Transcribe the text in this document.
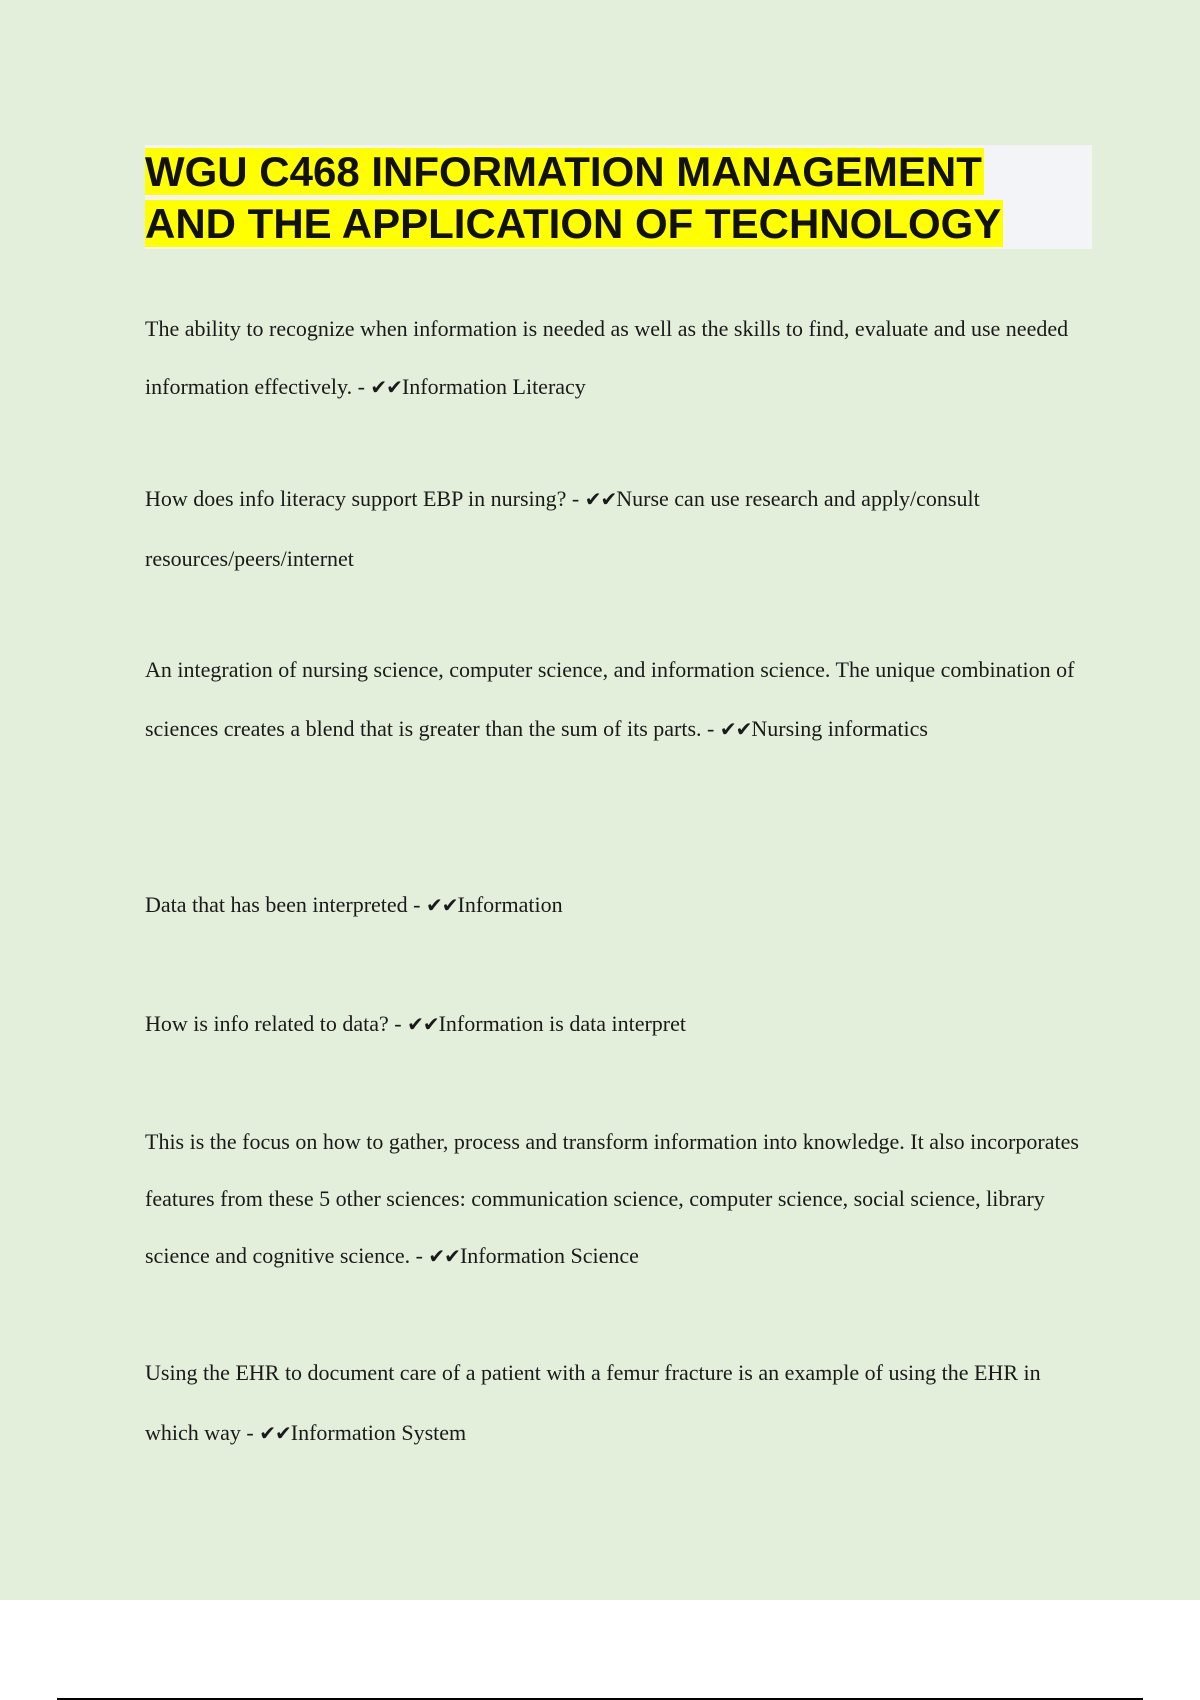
WGU C468 INFORMATION MANAGEMENT
AND THE APPLICATION OF TECHNOLOGY

The ability to recognize when information is needed as well as the skills to find, evaluate and use needed information effectively. - ✔✔Information Literacy

How does info literacy support EBP in nursing? - ✔✔Nurse can use research and apply/consult resources/peers/internet

An integration of nursing science, computer science, and information science. The unique combination of sciences creates a blend that is greater than the sum of its parts. - ✔✔Nursing informatics

Data that has been interpreted - ✔✔Information

How is info related to data? - ✔✔Information is data interpret

This is the focus on how to gather, process and transform information into knowledge. It also incorporates features from these 5 other sciences: communication science, computer science, social science, library science and cognitive science. - ✔✔Information Science

Using the EHR to document care of a patient with a femur fracture is an example of using the EHR in which way - ✔✔Information System
